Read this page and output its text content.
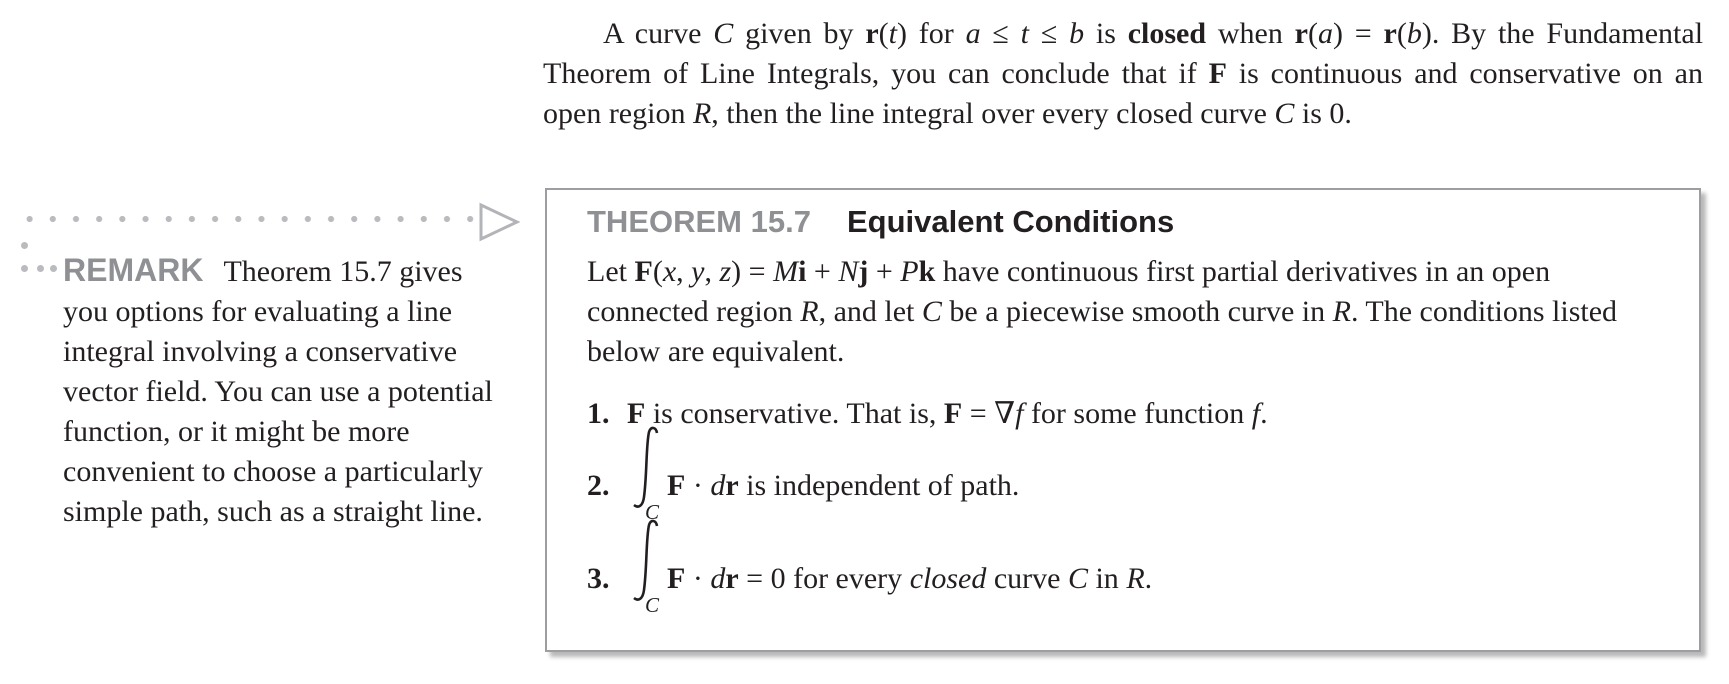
A curve C given by r(t) for a ≤ t ≤ b is closed when r(a) = r(b). By the Fundamental Theorem of Line Integrals, you can conclude that if F is continuous and conservative on an open region R, then the line integral over every closed curve C is 0.

REMARK Theorem 15.7 gives you options for evaluating a line integral involving a conservative vector field. You can use a potential function, or it might be more convenient to choose a particularly simple path, such as a straight line.
THEOREM 15.7 Equivalent Conditions

Let F(x, y, z) = Mi + Nj + Pk have continuous first partial derivatives in an open connected region R, and let C be a piecewise smooth curve in R. The conditions listed below are equivalent.

1. F is conservative. That is, F = ∇f for some function f.
2.
C
F · dr is independent of path.
3.
C
F · dr = 0 for every closed curve C in R.
